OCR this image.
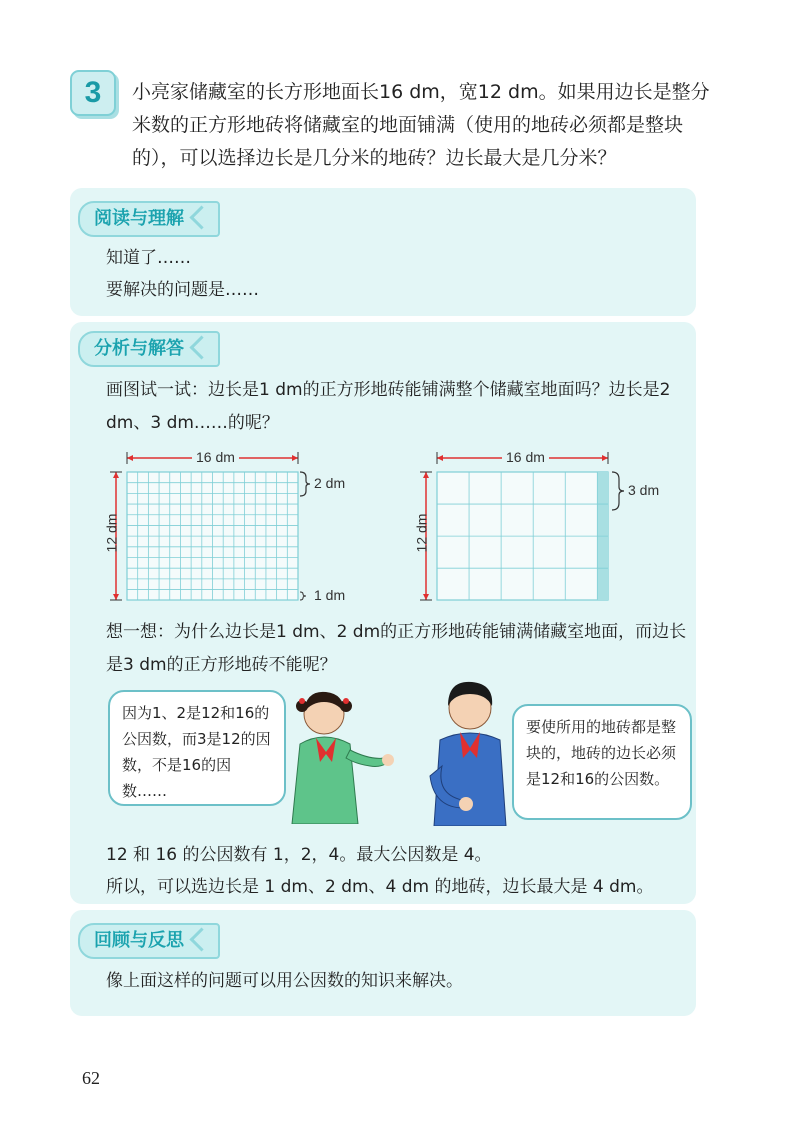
3	小亮家储藏室的长方形地面长16 dm，宽12 dm。如果用边长是整分米数的正方形地砖将储藏室的地面铺满（使用的地砖必须都是整块的），可以选择边长是几分米的地砖？边长最大是几分米？
阅读与理解
知道了……
要解决的问题是……
分析与解答
画图试一试：边长是1 dm的正方形地砖能铺满整个储藏室地面吗？边长是2 dm、3 dm……的呢？
16 dm
12 dm
2 dm
1 dm
16 dm
12 dm
3 dm
想一想：为什么边长是1 dm、2 dm的正方形地砖能铺满储藏室地面，而边长是3 dm的正方形地砖不能呢？
因为1、2是12和16的公因数，而3是12的因数，不是16的因数……
要使所用的地砖都是整块的，地砖的边长必须是12和16的公因数。
12 和 16 的公因数有 1，2，4。最大公因数是 4。
所以，可以选边长是 1 dm、2 dm、4 dm 的地砖，边长最大是 4 dm。
回顾与反思
像上面这样的问题可以用公因数的知识来解决。
62
